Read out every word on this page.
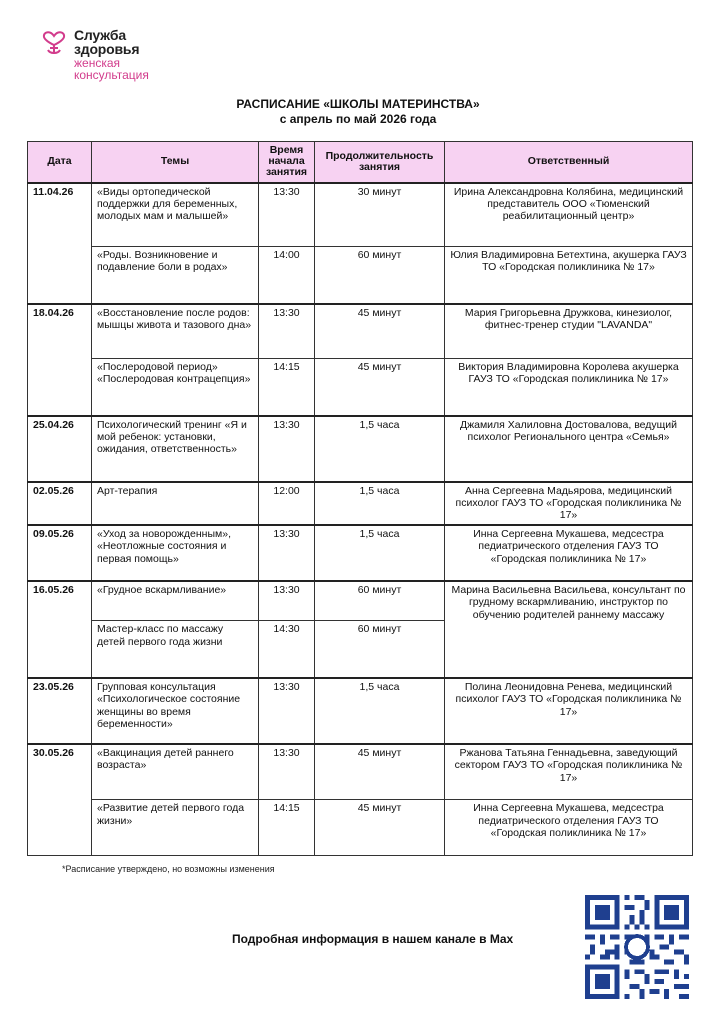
Служба
здоровья
женская
консультация
РАСПИСАНИЕ «ШКОЛЫ МАТЕРИНСТВА»
с апрель по май 2026 года
Дата	Темы	Время начала занятия	Продолжительность занятия	Ответственный
11.04.26	«Виды ортопедической поддержки для беременных, молодых мам и малышей»	13:30	30 минут	Ирина Александровна Колябина, медицинский представитель ООО «Тюменский реабилитационный центр»
	«Роды. Возникновение и подавление боли в родах»	14:00	60 минут	Юлия Владимировна Бетехтина, акушерка ГАУЗ ТО «Городская поликлиника № 17»
18.04.26	«Восстановление после родов: мышцы живота и тазового дна»	13:30	45 минут	Мария Григорьевна Дружкова, кинезиолог, фитнес-тренер студии "LAVANDA"
	«Послеродовой период» «Послеродовая контрацепция»	14:15	45 минут	Виктория Владимировна Королева акушерка ГАУЗ ТО «Городская поликлиника № 17»
25.04.26	Психологический тренинг «Я и мой ребенок: установки, ожидания, ответственность»	13:30	1,5 часа	Джамиля Халиловна Достовалова, ведущий психолог Регионального центра «Семья»
02.05.26	Арт-терапия	12:00	1,5 часа	Анна Сергеевна Мадьярова, медицинский психолог ГАУЗ ТО «Городская поликлиника № 17»
09.05.26	«Уход за новорожденным», «Неотложные состояния и первая помощь»	13:30	1,5 часа	Инна Сергеевна Мукашева, медсестра педиатрического отделения ГАУЗ ТО «Городская поликлиника № 17»
16.05.26	«Грудное вскармливание»	13:30	60 минут	Марина Васильевна Васильева, консультант по грудному вскармливанию, инструктор по обучению родителей раннему массажу
	Мастер-класс по массажу детей первого года жизни	14:30	60 минут	
23.05.26	Групповая консультация «Психологическое состояние женщины во время беременности»	13:30	1,5 часа	Полина Леонидовна Ренева, медицинский психолог ГАУЗ ТО «Городская поликлиника № 17»
30.05.26	«Вакцинация детей раннего возраста»	13:30	45 минут	Ржанова Татьяна Геннадьевна, заведующий сектором ГАУЗ ТО «Городская поликлиника № 17»
	«Развитие детей первого года жизни»	14:15	45 минут	Инна Сергеевна Мукашева, медсестра педиатрического отделения ГАУЗ ТО «Городская поликлиника № 17»
*Расписание утверждено, но возможны изменения
Подробная информация в нашем канале в Max
